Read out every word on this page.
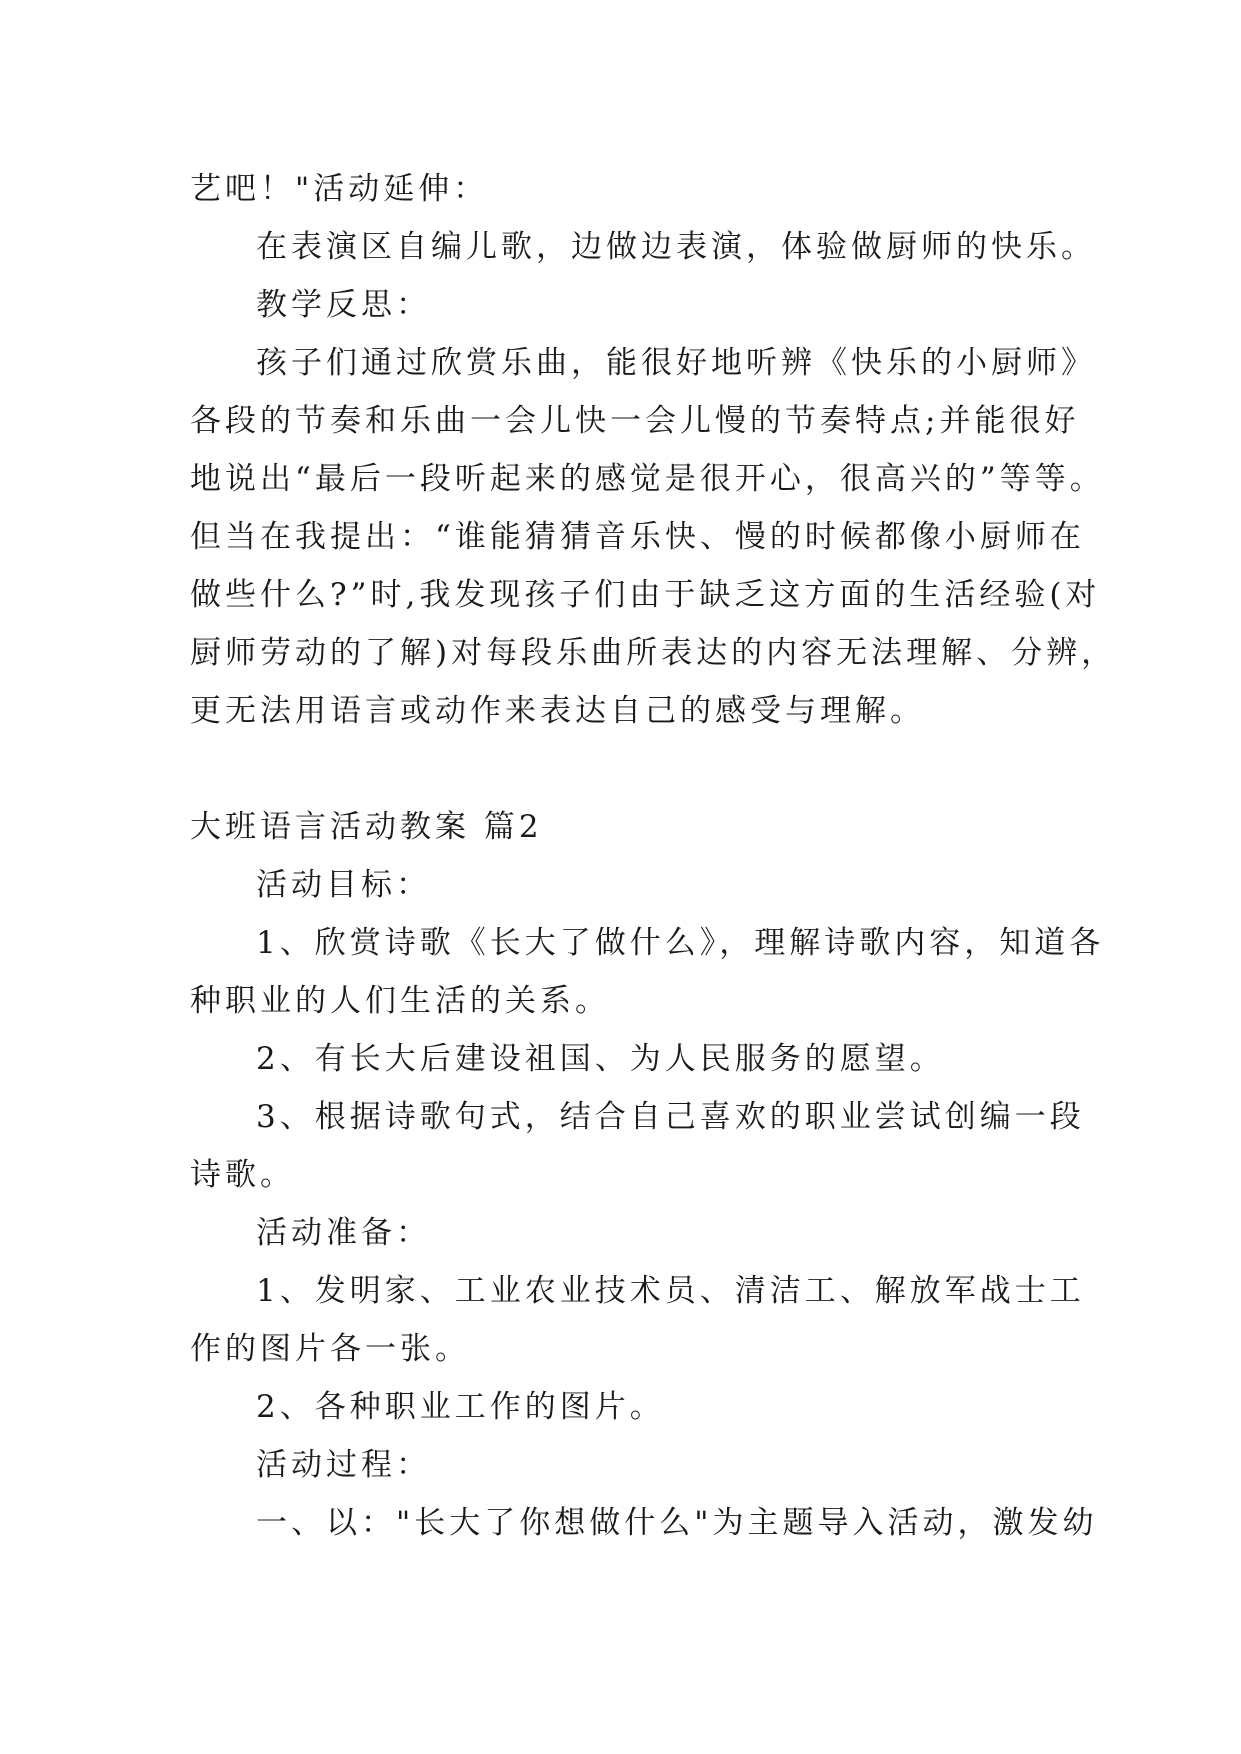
艺吧！"活动延伸：

在表演区自编儿歌，边做边表演，体验做厨师的快乐。

教学反思：

孩子们通过欣赏乐曲，能很好地听辨《快乐的小厨师》

各段的节奏和乐曲一会儿快一会儿慢的节奏特点;并能很好

地说出“最后一段听起来的感觉是很开心，很高兴的”等等。

但当在我提出：“谁能猜猜音乐快、慢的时候都像小厨师在

做些什么?”时,我发现孩子们由于缺乏这方面的生活经验(对

厨师劳动的了解)对每段乐曲所表达的内容无法理解、分辨，

更无法用语言或动作来表达自己的感受与理解。

大班语言活动教案 篇2

活动目标：

1、欣赏诗歌《长大了做什么》，理解诗歌内容，知道各

种职业的人们生活的关系。

2、有长大后建设祖国、为人民服务的愿望。

3、根据诗歌句式，结合自己喜欢的职业尝试创编一段

诗歌。

活动准备：

1、发明家、工业农业技术员、清洁工、解放军战士工

作的图片各一张。

2、各种职业工作的图片。

活动过程：

一、以："长大了你想做什么"为主题导入活动，激发幼
